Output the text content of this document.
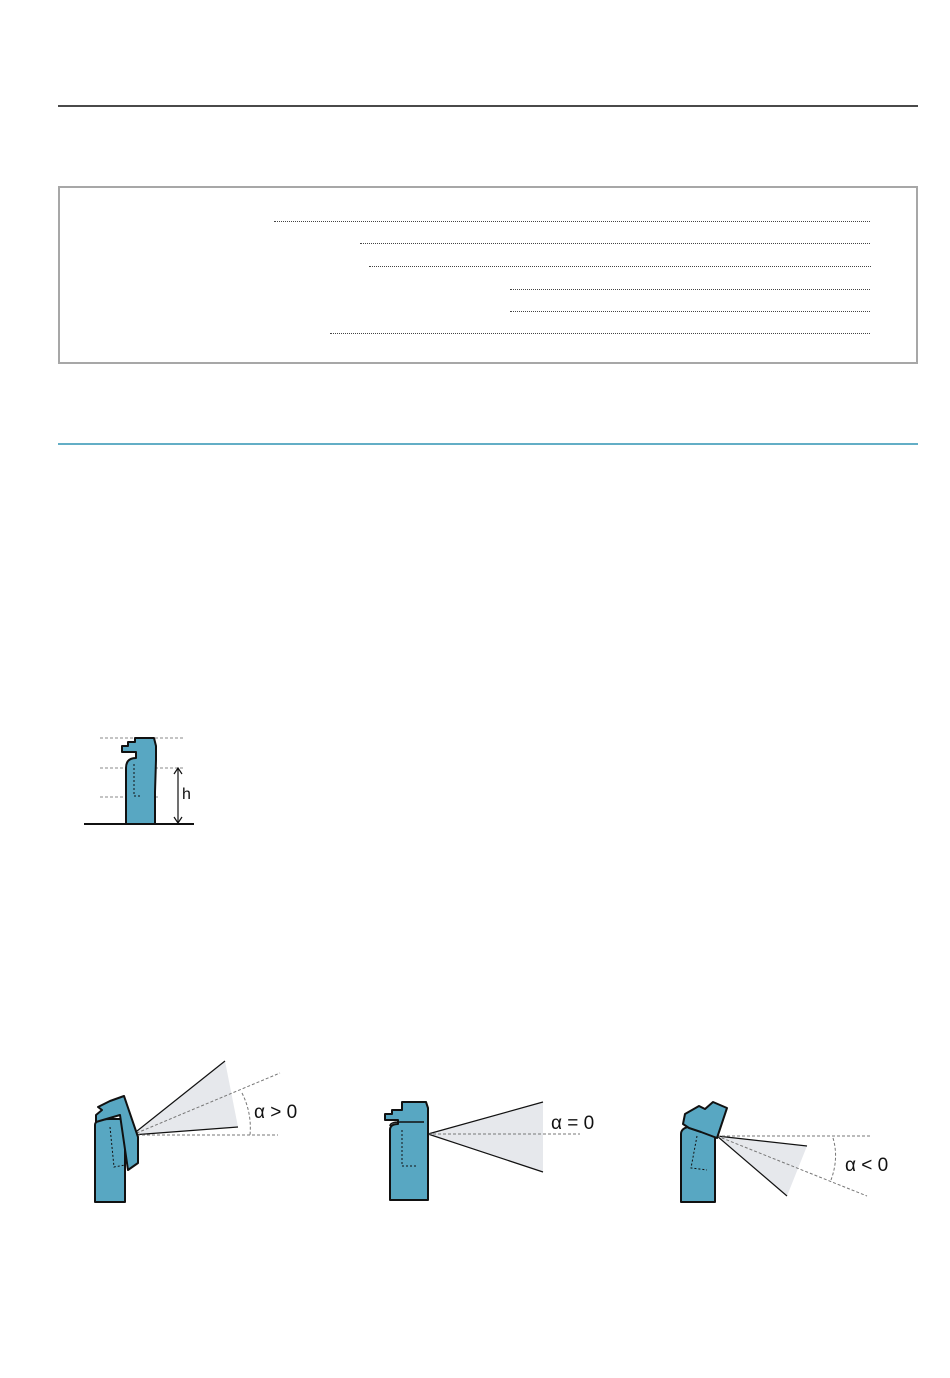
h
α > 0
α = 0
α < 0
